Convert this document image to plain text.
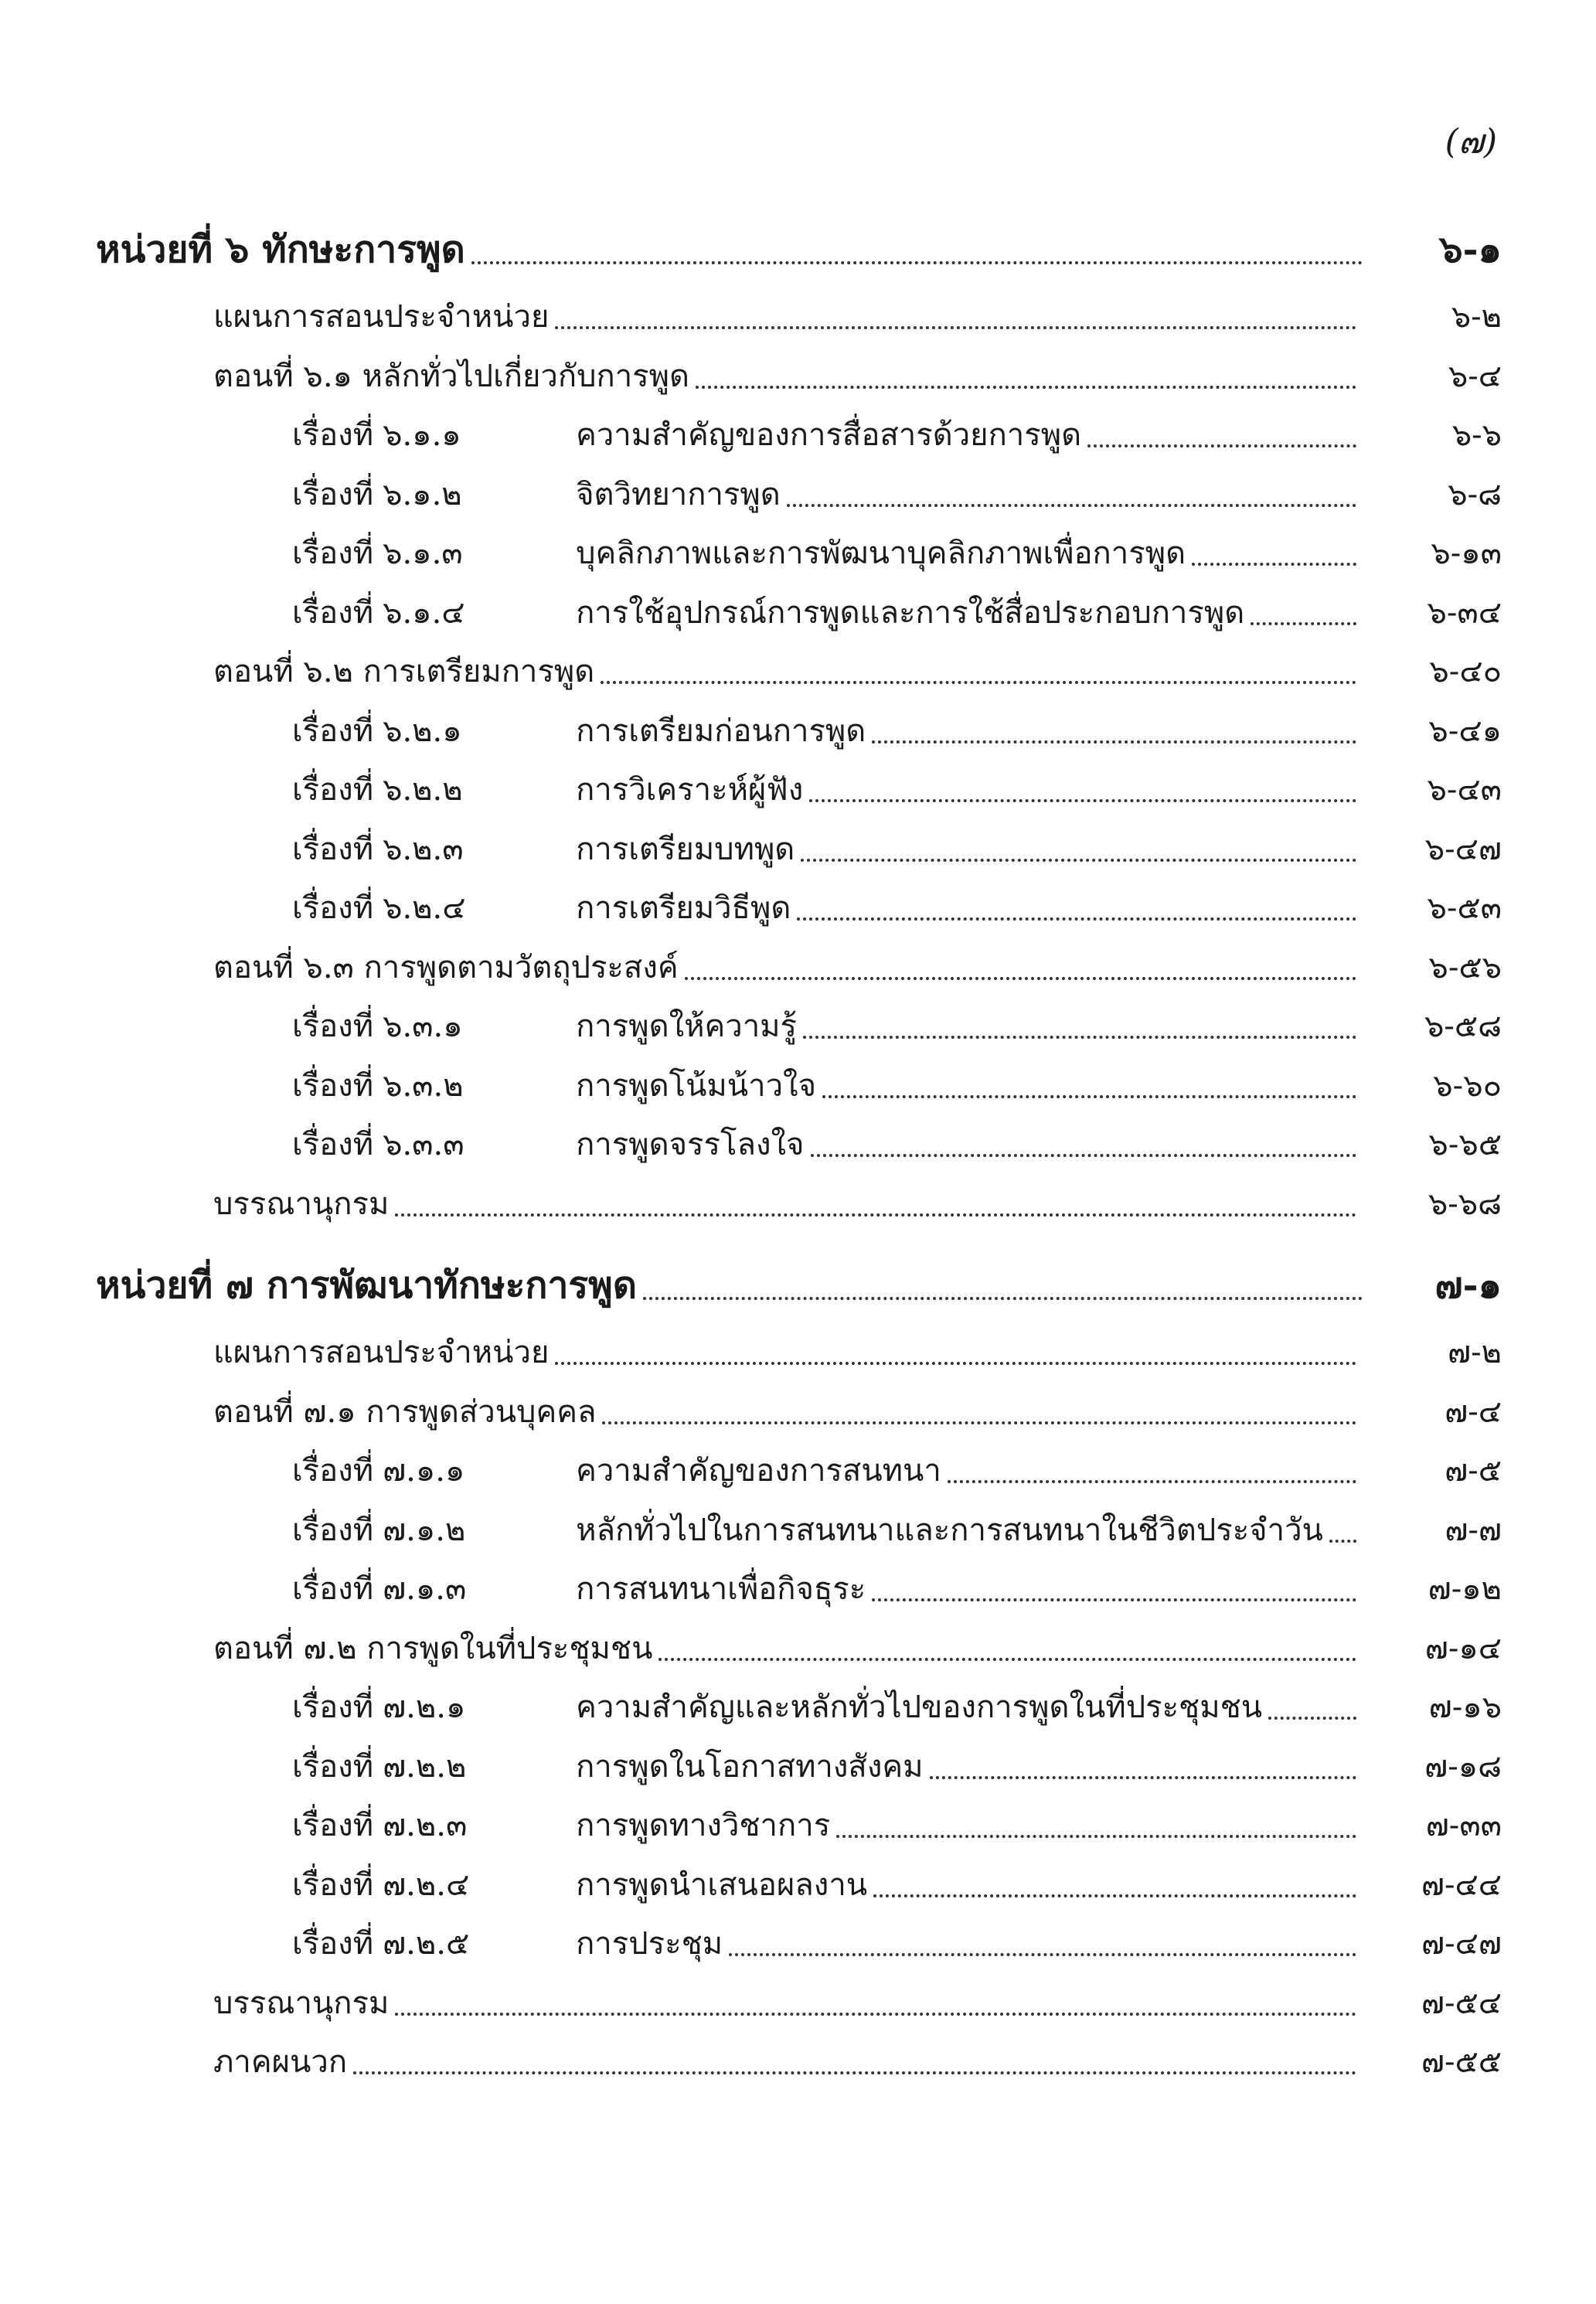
(๗)
หน่วยที่ ๖ ทักษะการพูด	๖-๑
แผนการสอนประจำหน่วย	๖-๒
ตอนที่ ๖.๑ หลักทั่วไปเกี่ยวกับการพูด	๖-๔
เรื่องที่ ๖.๑.๑	ความสำคัญของการสื่อสารด้วยการพูด	๖-๖
เรื่องที่ ๖.๑.๒	จิตวิทยาการพูด	๖-๘
เรื่องที่ ๖.๑.๓	บุคลิกภาพและการพัฒนาบุคลิกภาพเพื่อการพูด	๖-๑๓
เรื่องที่ ๖.๑.๔	การใช้อุปกรณ์การพูดและการใช้สื่อประกอบการพูด	๖-๓๔
ตอนที่ ๖.๒ การเตรียมการพูด	๖-๔๐
เรื่องที่ ๖.๒.๑	การเตรียมก่อนการพูด	๖-๔๑
เรื่องที่ ๖.๒.๒	การวิเคราะห์ผู้ฟัง	๖-๔๓
เรื่องที่ ๖.๒.๓	การเตรียมบทพูด	๖-๔๗
เรื่องที่ ๖.๒.๔	การเตรียมวิธีพูด	๖-๕๓
ตอนที่ ๖.๓ การพูดตามวัตถุประสงค์	๖-๕๖
เรื่องที่ ๖.๓.๑	การพูดให้ความรู้	๖-๕๘
เรื่องที่ ๖.๓.๒	การพูดโน้มน้าวใจ	๖-๖๐
เรื่องที่ ๖.๓.๓	การพูดจรรโลงใจ	๖-๖๕
บรรณานุกรม	๖-๖๘
หน่วยที่ ๗ การพัฒนาทักษะการพูด	๗-๑
แผนการสอนประจำหน่วย	๗-๒
ตอนที่ ๗.๑ การพูดส่วนบุคคล	๗-๔
เรื่องที่ ๗.๑.๑	ความสำคัญของการสนทนา	๗-๕
เรื่องที่ ๗.๑.๒	หลักทั่วไปในการสนทนาและการสนทนาในชีวิตประจำวัน	๗-๗
เรื่องที่ ๗.๑.๓	การสนทนาเพื่อกิจธุระ	๗-๑๒
ตอนที่ ๗.๒ การพูดในที่ประชุมชน	๗-๑๔
เรื่องที่ ๗.๒.๑	ความสำคัญและหลักทั่วไปของการพูดในที่ประชุมชน	๗-๑๖
เรื่องที่ ๗.๒.๒	การพูดในโอกาสทางสังคม	๗-๑๘
เรื่องที่ ๗.๒.๓	การพูดทางวิชาการ	๗-๓๓
เรื่องที่ ๗.๒.๔	การพูดนำเสนอผลงาน	๗-๔๔
เรื่องที่ ๗.๒.๕	การประชุม	๗-๔๗
บรรณานุกรม	๗-๕๔
ภาคผนวก	๗-๕๕
